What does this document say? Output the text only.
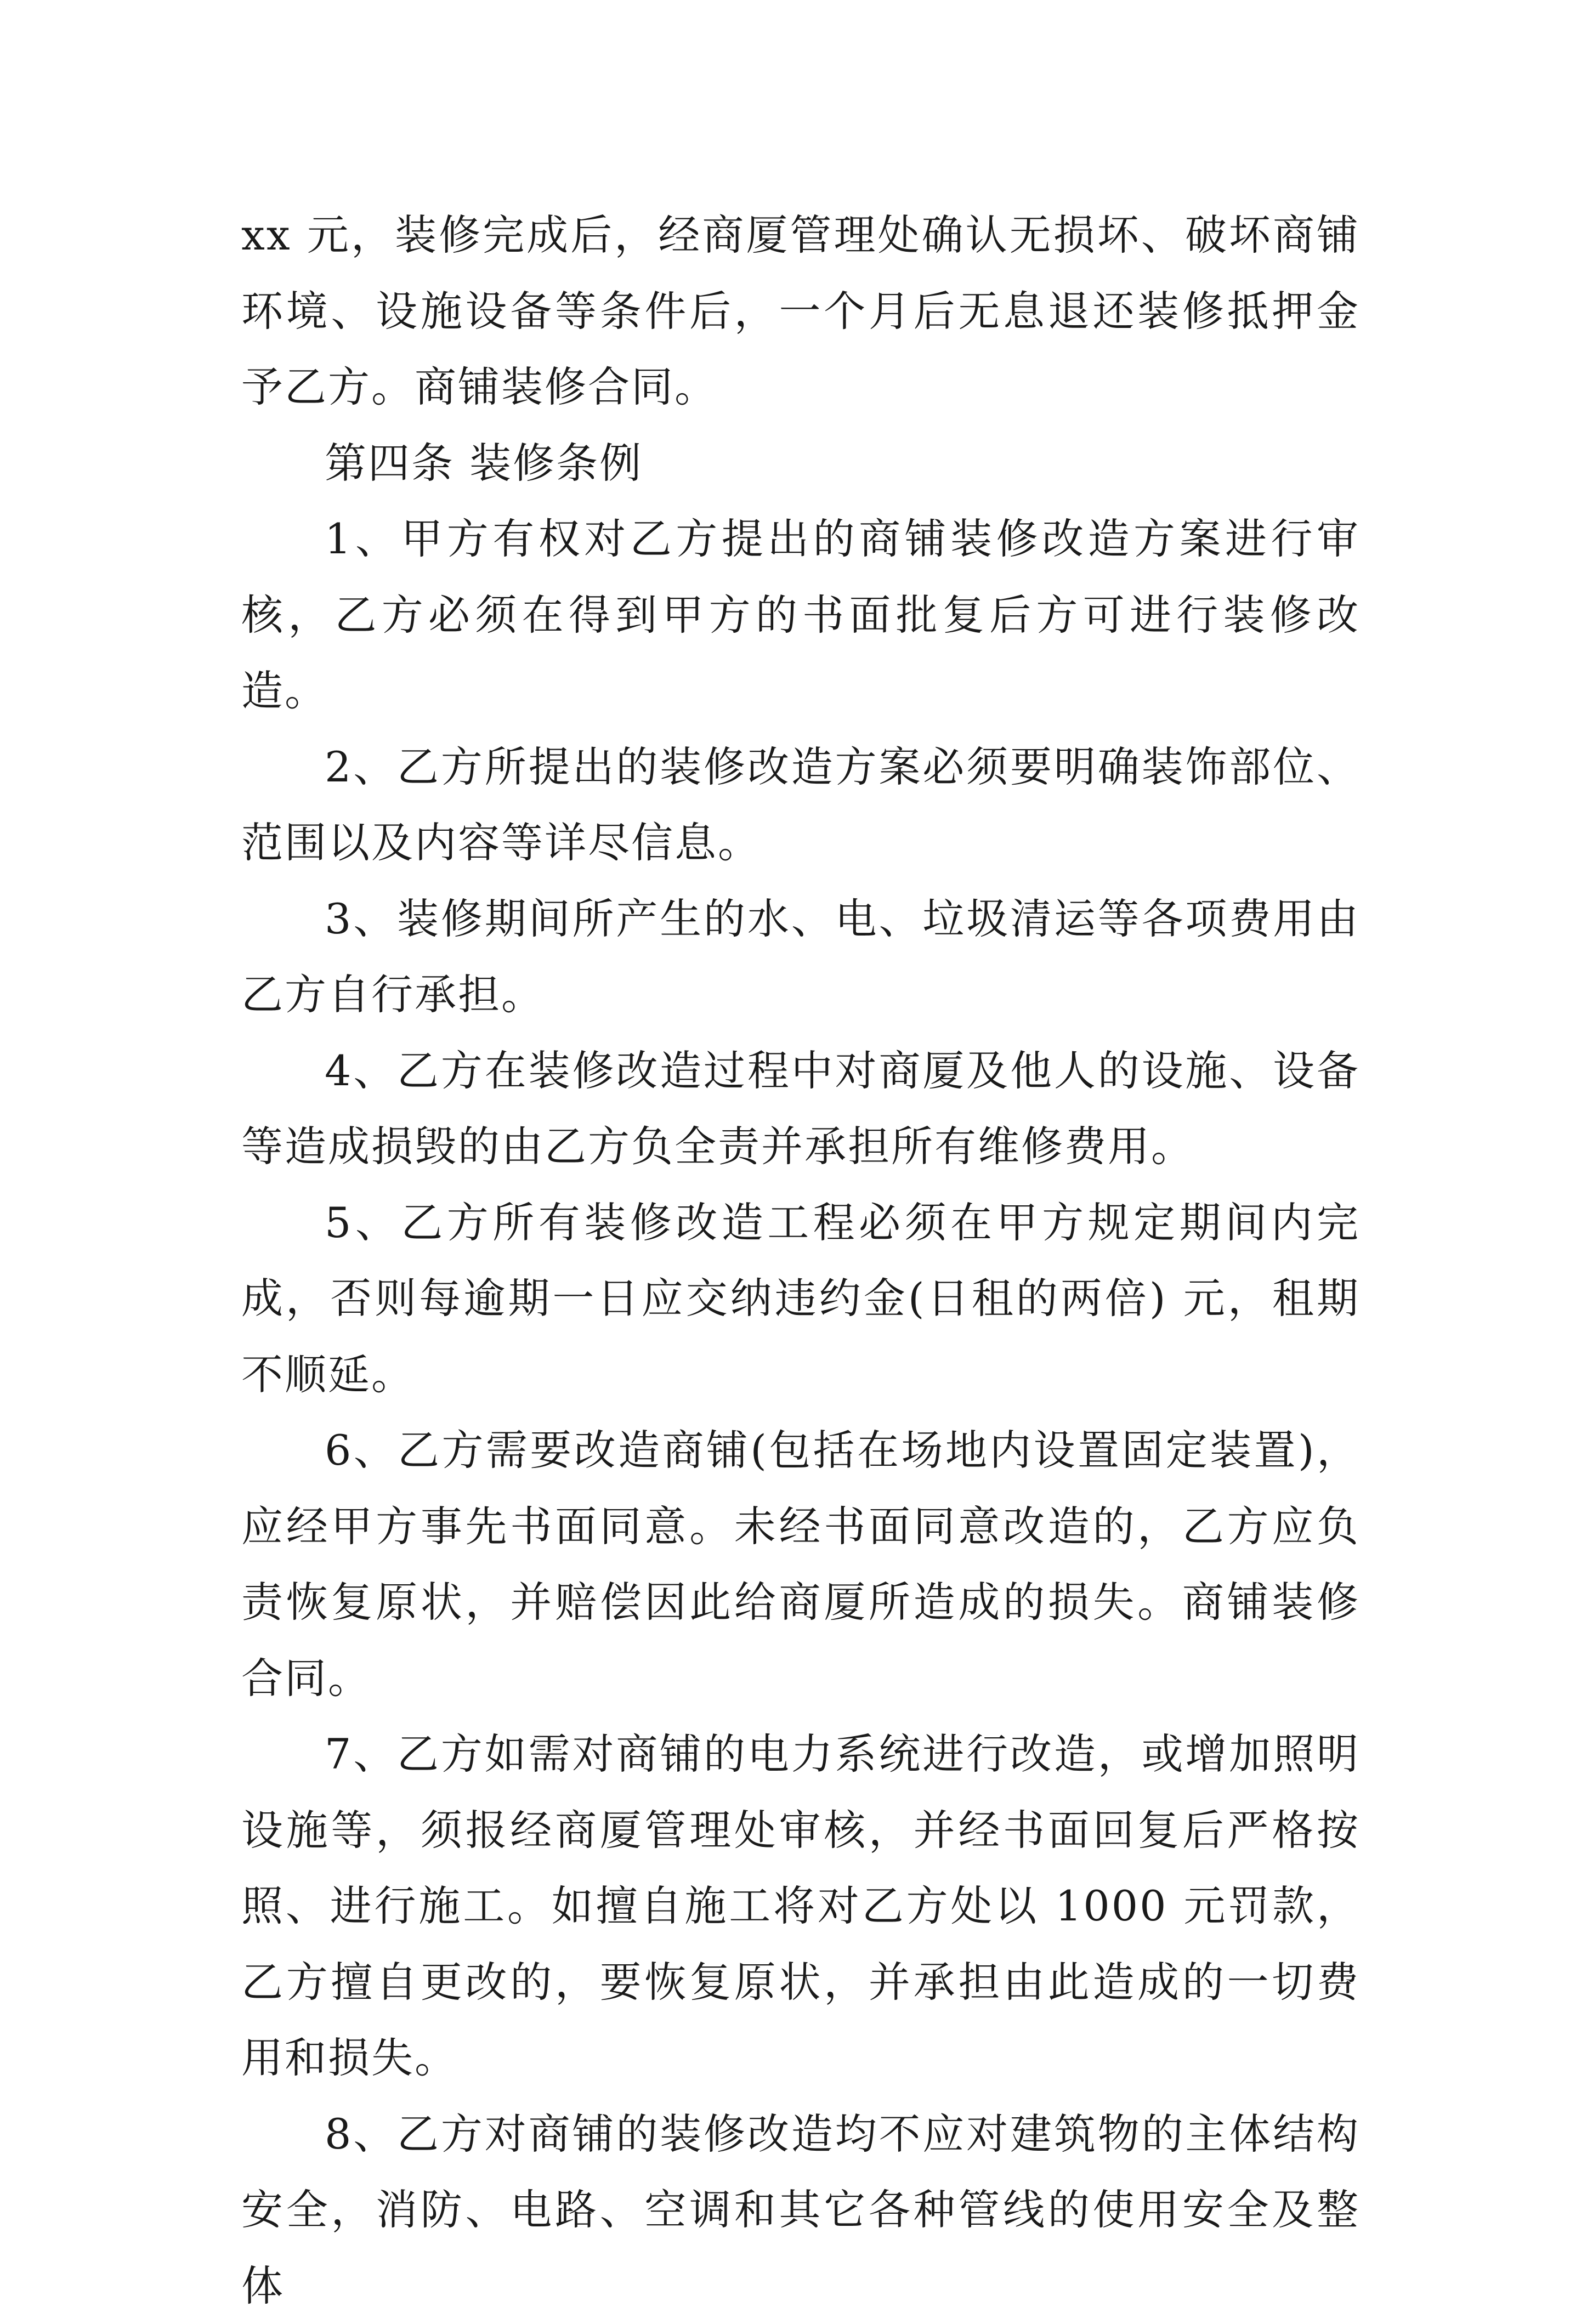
xx 元，装修完成后，经商厦管理处确认无损坏、破坏商铺环境、设施设备等条件后，一个月后无息退还装修抵押金予乙方。商铺装修合同。

第四条 装修条例

1、甲方有权对乙方提出的商铺装修改造方案进行审核，乙方必须在得到甲方的书面批复后方可进行装修改造。

2、乙方所提出的装修改造方案必须要明确装饰部位、范围以及内容等详尽信息。

3、装修期间所产生的水、电、垃圾清运等各项费用由乙方自行承担。

4、乙方在装修改造过程中对商厦及他人的设施、设备等造成损毁的由乙方负全责并承担所有维修费用。

5、乙方所有装修改造工程必须在甲方规定期间内完成，否则每逾期一日应交纳违约金(日租的两倍) 元，租期不顺延。

6、乙方需要改造商铺(包括在场地内设置固定装置)，应经甲方事先书面同意。未经书面同意改造的，乙方应负责恢复原状，并赔偿因此给商厦所造成的损失。商铺装修合同。

7、乙方如需对商铺的电力系统进行改造，或增加照明设施等，须报经商厦管理处审核，并经书面回复后严格按照、进行施工。如擅自施工将对乙方处以 1000 元罚款，乙方擅自更改的，要恢复原状，并承担由此造成的一切费用和损失。

8、乙方对商铺的装修改造均不应对建筑物的主体结构安全，消防、电路、空调和其它各种管线的使用安全及整体
